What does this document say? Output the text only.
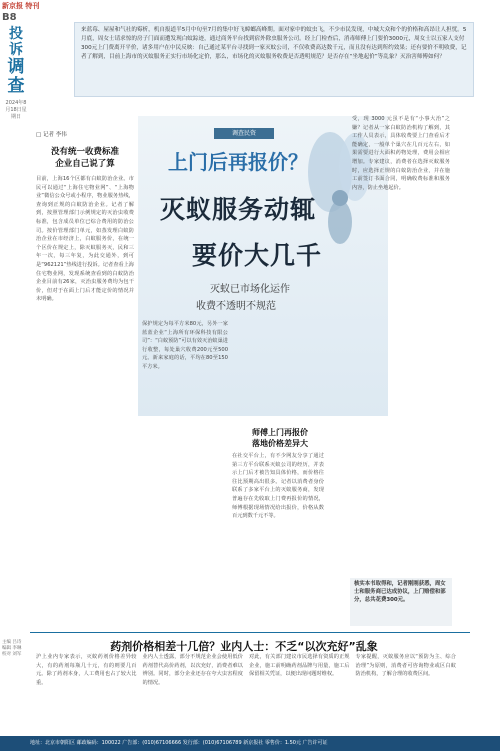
新京报 特刊
B8
投诉
调查
2024年8月18日星期日
来蓝莓、屋屋和气社的霉析，机自报道半5月中旬至7月的集中好飞蟑螂高峰期。面对家中的蚊虫飞，不少市民发现，中城大众和个的价格和高昂让人担忧。5月底，周女士请求惊的房子门面而遭发现白蚊踪迹，通过商务平台找到宿外除虫服务公司。经上门检查后，消毒师傅上门要价3000元，周女士以五家人支付300元上门费离开平价，诸多用户在中民反映：自己通过某平台寻找到一家灭蚊公司，不仅收费高达数千元，而且没有达到所约效果；还有要价不明收费，记者了解到，目前上海市的灭蚊服务正实行市场化定价，那么，市场化的灭蚊服务收费是否透明规范？是否存在“坐地起价”等乱象？灭治害师傅如何？
□ 记者 李伟
没有统一收费标准
企业自己说了算
目前，上海16个区都有白蚁防治企业。市民可以通过“上海住宅物业网”、“上海物业”微信公众号或小程序，物业服务热线，查询到正规的白蚁防治企业。记者了解到，按照管理部门示例规定的灭治虫收费标准，包含成员单位已综合费用的防治公司。按价管理部门单元，如蒸发理白蚁防治企业在市经济上，白蚁服务价，在统一个区价在规定上，除灭蚊服务灭，民和三年一次，每三年复，为此交通外，到可是“962121”热线进行投诉。记者查看上海住宅物业网，发现系统查看到的白蚁防治企业目前有26家，灭治虫服务费均为包干价，但对于在面上门后才能定价的情况并未明确。
调查民资
上门后再报价？
灭蚁服务动辄
要价大几千
灭蚁已市场化运作
收费不透明不规范
保护规定为每平方米80元，另外一家蓝蓝企业“上海所有环保科技有限公司”：“白蚁预防”可以有效灭治蚁巢进行收整，每处巢穴收费200元至500元。新来家庭的话，平均在80至150平方米。
师傅上门再报价
落地价格差异大
在社交平台上，有不少网友分享了通过第三方平台联系灭蚁公司的经历，并表示上门后才被告知具体价格，而价格往往比预期高出很多。记者以消费者身份联系了多家平台上的灭蚁服务商，发现普遍存在先收取上门费再报价的情况，师傅根据现场情况给出报价，价格从数百元到数千元不等。
受，现 3000 元虽不是有“小事大治”之嫌？记者从一家白蚁防治机构了解到，其工作人员表示，具体收费要上门查看后才能确定，一般单个巢穴在几百元左右，如果需要进行大面积药物处理，费用会相应增加。专家建议，消费者在选择灭蚁服务时，应选择正规的白蚁防治企业，并在施工前签订书面合同，明确收费标准和服务内容，防止坐地起价。
核实本书取得和，记者刚刚获悉，周女士和服务商已达成协议，上门赔偿和部分，总共花费300元。
药剂价格相差十几倍？业内人士：不乏“以次充好”乱象
沪上业内专家表示，灭蚁药剂价格差异较大，有的药剂每瓶几十元，有的则要几百元。除了药剂本身，人工费用也占了较大比重。
业内人士透露，部分不规范企业会使用低价药剂替代高价药剂，以次充好，消费者难以辨别。同时，部分企业还存在夸大虫害程度的情况。
对此，有关部门建议市民选择有资质的正规企业，施工前明确药剂品牌与用量，施工后保留相关凭证，以便出现问题时维权。
专家提醒，灭蚁服务应以“预防为主、综合治理”为原则，消费者可咨询物业或区白蚁防治机构，了解合理的收费区间。
主编 吕诗
编辑 李琳
校对 刘军
地址：北京市朝阳区 邮政编码：100022 广告部：(010)67106666 发行部：(010)67106789 新京报社 零售价：1.50元 广告许可证
